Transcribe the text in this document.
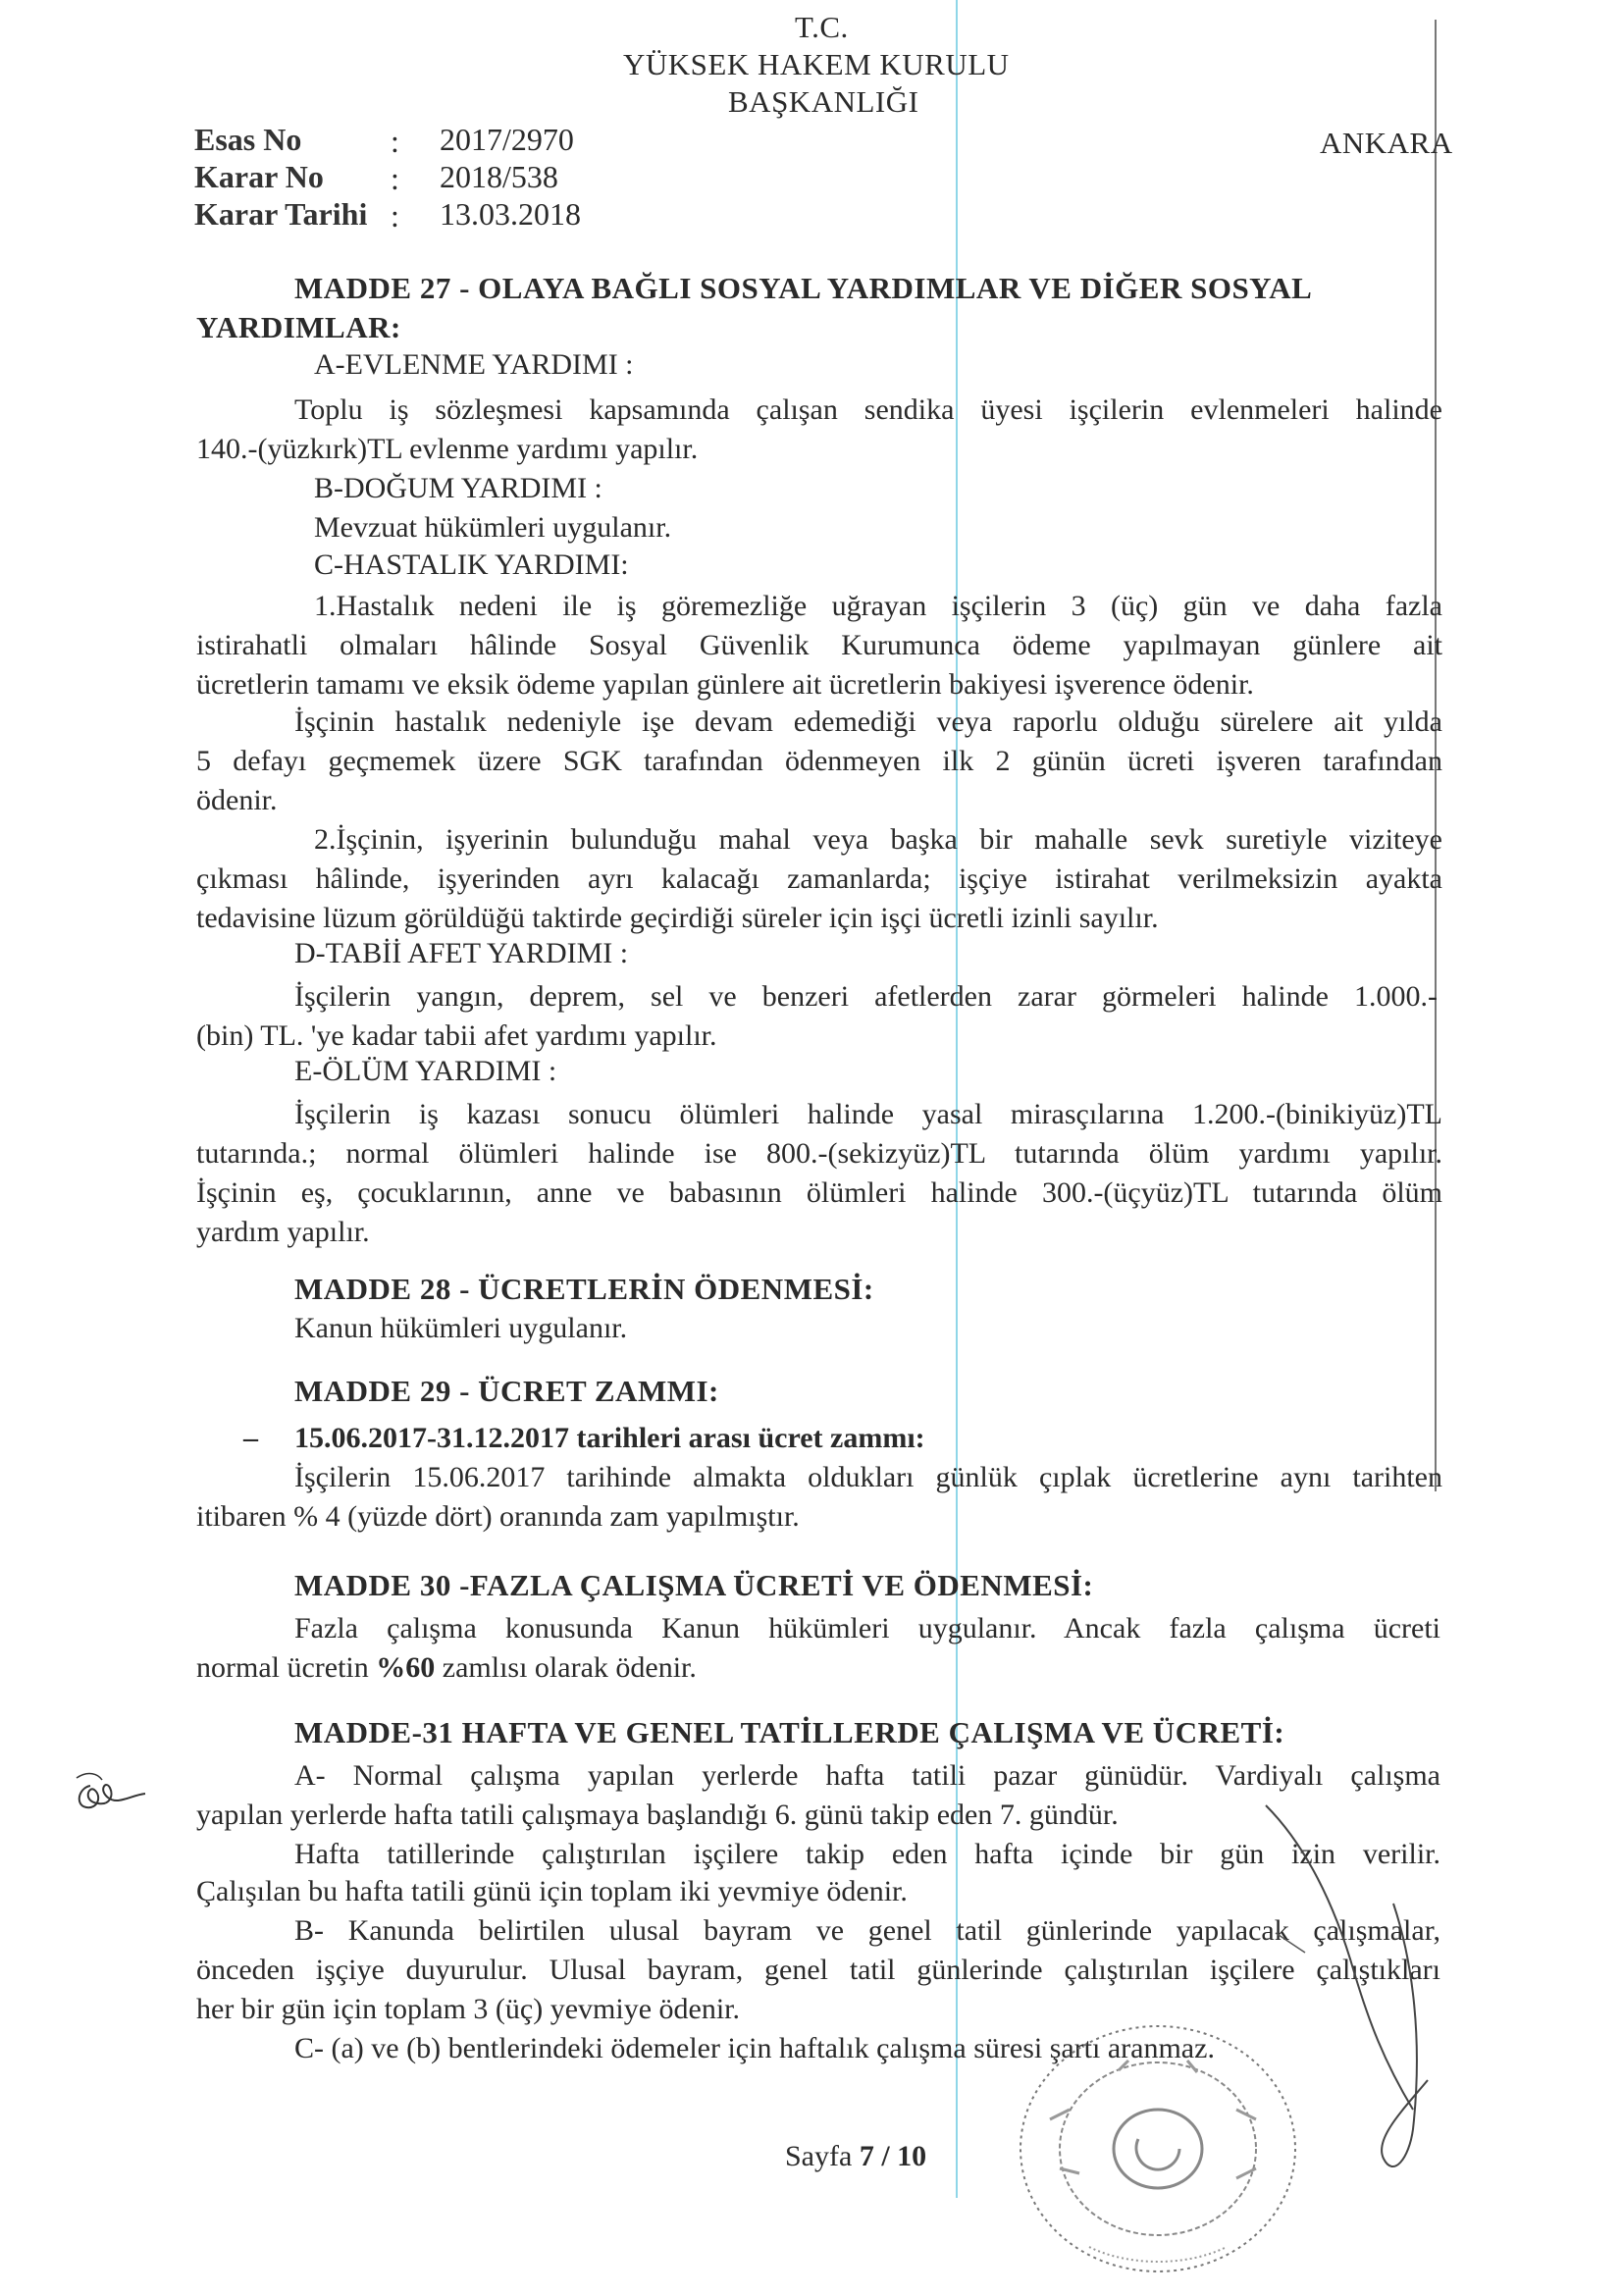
T.C.
YÜKSEK HAKEM KURULU
BAŞKANLIĞI
ANKARA
Esas No	: 2017/2970
Karar No : 2018/538
Karar Tarihi : 13.03.2018
MADDE 27 - OLAYA BAĞLI SOSYAL YARDIMLAR VE DİĞER SOSYAL
YARDIMLAR:
A-EVLENME YARDIMI :
Toplu iş sözleşmesi kapsamında çalışan sendika üyesi işçilerin evlenmeleri halinde
140.-(yüzkırk)TL evlenme yardımı yapılır.
B-DOĞUM YARDIMI :
Mevzuat hükümleri uygulanır.
C-HASTALIK YARDIMI:
1.Hastalık nedeni ile iş göremezliğe uğrayan işçilerin 3 (üç) gün ve daha fazla
istirahatli olmaları hâlinde Sosyal Güvenlik Kurumunca ödeme yapılmayan günlere ait
ücretlerin tamamı ve eksik ödeme yapılan günlere ait ücretlerin bakiyesi işverence ödenir.
İşçinin hastalık nedeniyle işe devam edemediği veya raporlu olduğu sürelere ait yılda
5 defayı geçmemek üzere SGK tarafından ödenmeyen ilk 2 günün ücreti işveren tarafından
ödenir.
2.İşçinin, işyerinin bulunduğu mahal veya başka bir mahalle sevk suretiyle viziteye
çıkması hâlinde, işyerinden ayrı kalacağı zamanlarda; işçiye istirahat verilmeksizin ayakta
tedavisine lüzum görüldüğü taktirde geçirdiği süreler için işçi ücretli izinli sayılır.
D-TABİİ AFET YARDIMI :
İşçilerin yangın, deprem, sel ve benzeri afetlerden zarar görmeleri halinde 1.000.-
(bin) TL. 'ye kadar tabii afet yardımı yapılır.
E-ÖLÜM YARDIMI :
İşçilerin iş kazası sonucu ölümleri halinde yasal mirasçılarına 1.200.-(binikiyüz)TL
tutarında.; normal ölümleri halinde ise 800.-(sekizyüz)TL tutarında ölüm yardımı yapılır.
İşçinin eş, çocuklarının, anne ve babasının ölümleri halinde 300.-(üçyüz)TL tutarında ölüm
yardım yapılır.
MADDE 28 - ÜCRETLERİN ÖDENMESİ:
Kanun hükümleri uygulanır.
MADDE 29 - ÜCRET ZAMMI:
– 15.06.2017-31.12.2017 tarihleri arası ücret zammı:
İşçilerin 15.06.2017 tarihinde almakta oldukları günlük çıplak ücretlerine aynı tarihten
itibaren % 4 (yüzde dört) oranında zam yapılmıştır.
MADDE 30 -FAZLA ÇALIŞMA ÜCRETİ VE ÖDENMESİ:
Fazla çalışma konusunda Kanun hükümleri uygulanır. Ancak fazla çalışma ücreti
normal ücretin %60 zamlısı olarak ödenir.
MADDE-31 HAFTA VE GENEL TATİLLERDE ÇALIŞMA VE ÜCRETİ:
A- Normal çalışma yapılan yerlerde hafta tatili pazar günüdür. Vardiyalı çalışma
yapılan yerlerde hafta tatili çalışmaya başlandığı 6. günü takip eden 7. gündür.
Hafta tatillerinde çalıştırılan işçilere takip eden hafta içinde bir gün izin verilir.
Çalışılan bu hafta tatili günü için toplam iki yevmiye ödenir.
B- Kanunda belirtilen ulusal bayram ve genel tatil günlerinde yapılacak çalışmalar,
önceden işçiye duyurulur. Ulusal bayram, genel tatil günlerinde çalıştırılan işçilere çalıştıkları
her bir gün için toplam 3 (üç) yevmiye ödenir.
C- (a) ve (b) bentlerindeki ödemeler için haftalık çalışma süresi şartı aranmaz.
Sayfa 7 / 10
